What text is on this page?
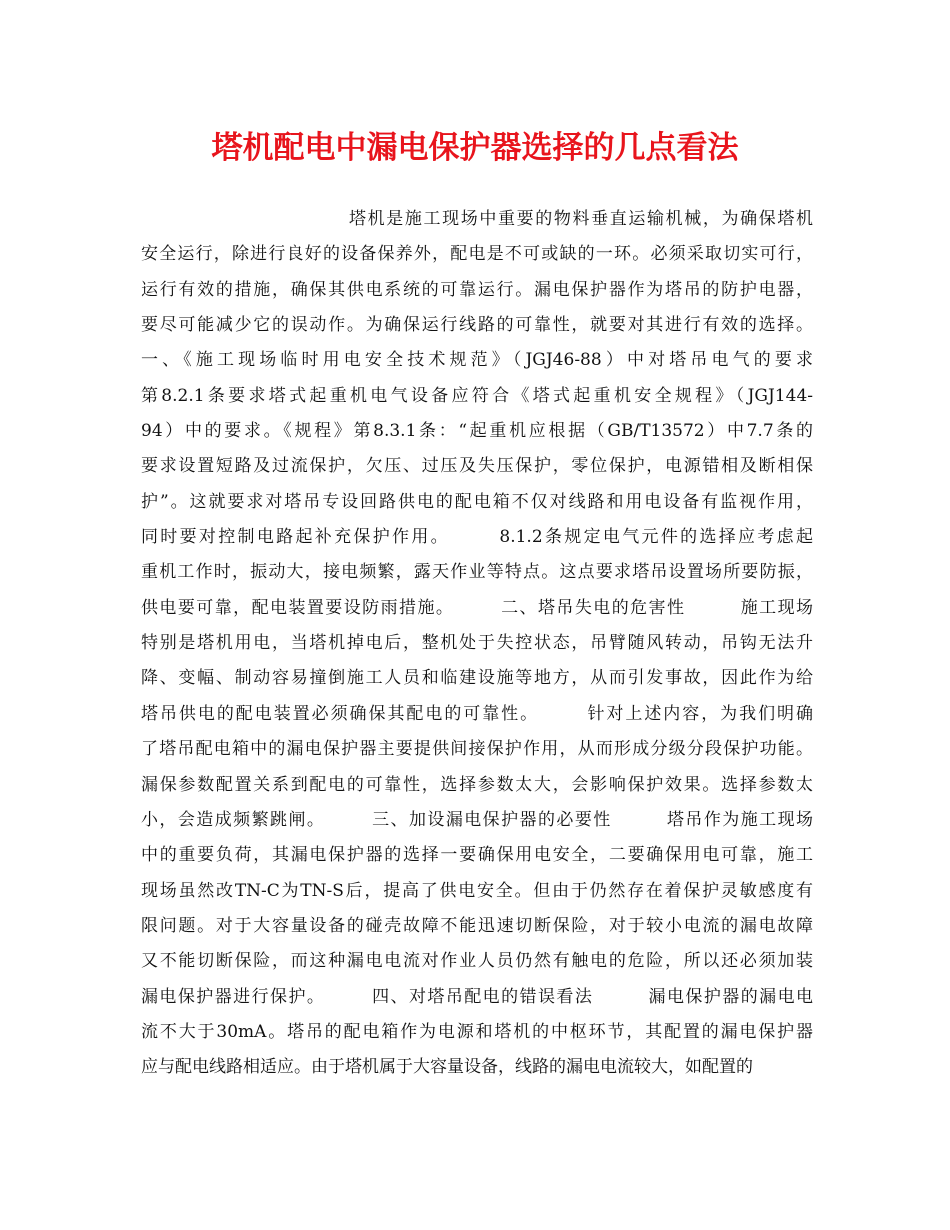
塔机配电中漏电保护器选择的几点看法
塔机是施工现场中重要的物料垂直运输机械，为确保塔机
安全运行，除进行良好的设备保养外，配电是不可或缺的一环。必须采取切实可行，
运行有效的措施，确保其供电系统的可靠运行。漏电保护器作为塔吊的防护电器，
要尽可能减少它的误动作。为确保运行线路的可靠性，就要对其进行有效的选择。
一、《施工现场临时用电安全技术规范》（JGJ46-88）中对塔吊电气的要求
第8.2.1条要求塔式起重机电气设备应符合《塔式起重机安全规程》（JGJ144-
94）中的要求。《规程》第8.3.1条：“起重机应根据（GB/T13572）中7.7条的
要求设置短路及过流保护，欠压、过压及失压保护，零位保护，电源错相及断相保
护”。这就要求对塔吊专设回路供电的配电箱不仅对线路和用电设备有监视作用，
同时要对控制电路起补充保护作用。　　　8.1.2条规定电气元件的选择应考虑起
重机工作时，振动大，接电频繁，露天作业等特点。这点要求塔吊设置场所要防振，
供电要可靠，配电装置要设防雨措施。　　　二、塔吊失电的危害性　　　施工现场
特别是塔机用电，当塔机掉电后，整机处于失控状态，吊臂随风转动，吊钩无法升
降、变幅、制动容易撞倒施工人员和临建设施等地方，从而引发事故，因此作为给
塔吊供电的配电装置必须确保其配电的可靠性。　　　针对上述内容，为我们明确
了塔吊配电箱中的漏电保护器主要提供间接保护作用，从而形成分级分段保护功能。
漏保参数配置关系到配电的可靠性，选择参数太大，会影响保护效果。选择参数太
小，会造成频繁跳闸。　　　三、加设漏电保护器的必要性　　　塔吊作为施工现场
中的重要负荷，其漏电保护器的选择一要确保用电安全，二要确保用电可靠，施工
现场虽然改TN-C为TN-S后，提高了供电安全。但由于仍然存在着保护灵敏感度有
限问题。对于大容量设备的碰壳故障不能迅速切断保险，对于较小电流的漏电故障
又不能切断保险，而这种漏电电流对作业人员仍然有触电的危险，所以还必须加装
漏电保护器进行保护。　　　四、对塔吊配电的错误看法　　　漏电保护器的漏电电
流不大于30mA。塔吊的配电箱作为电源和塔机的中枢环节，其配置的漏电保护器
应与配电线路相适应。由于塔机属于大容量设备，线路的漏电电流较大，如配置的
